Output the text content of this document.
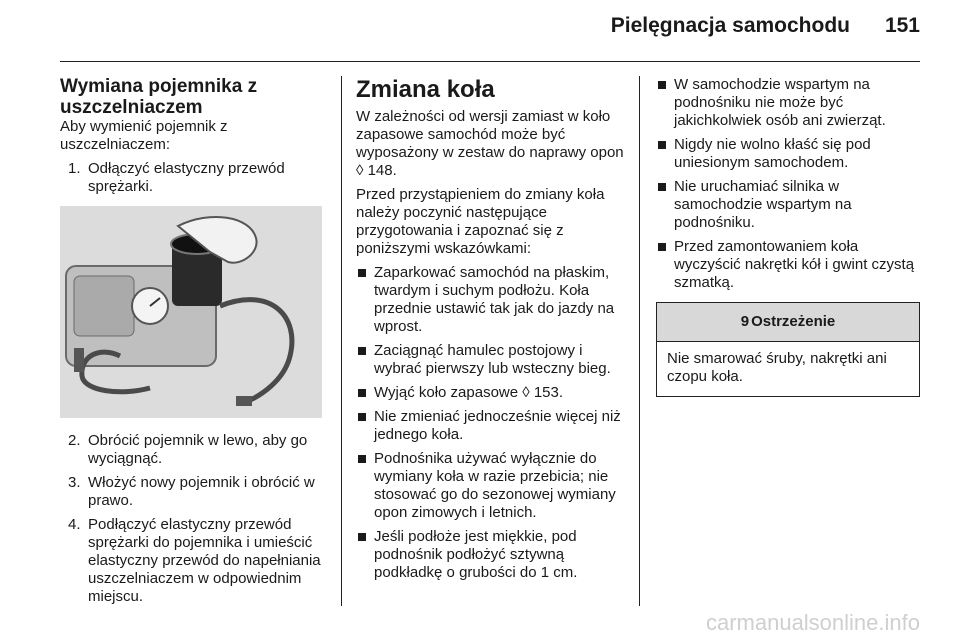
Pielęgnacja samochodu 151
Wymiana pojemnika z
uszczelniaczem

Aby wymienić pojemnik z uszczelniaczem:

1. Odłączyć elastyczny przewód sprężarki.
2. Obrócić pojemnik w lewo, aby go wyciągnąć.
3. Włożyć nowy pojemnik i obrócić w prawo.
4. Podłączyć elastyczny przewód sprężarki do pojemnika i umieścić elastyczny przewód do napełniania uszczelniaczem w odpowiednim miejscu.
Zmiana koła

W zależności od wersji zamiast w koło zapasowe samochód może być wyposażony w zestaw do naprawy opon ◊ 148.

Przed przystąpieniem do zmiany koła należy poczynić następujące przygotowania i zapoznać się z poniższymi wskazówkami:

Zaparkować samochód na płaskim, twardym i suchym podłożu. Koła przednie ustawić tak jak do jazdy na wprost.
Zaciągnąć hamulec postojowy i wybrać pierwszy lub wsteczny bieg.
Wyjąć koło zapasowe ◊ 153.
Nie zmieniać jednocześnie więcej niż jednego koła.
Podnośnika używać wyłącznie do wymiany koła w razie przebicia; nie stosować go do sezonowej wymiany opon zimowych i letnich.
Jeśli podłoże jest miękkie, pod podnośnik podłożyć sztywną podkładkę o grubości do 1 cm.
W samochodzie wspartym na podnośniku nie może być jakichkolwiek osób ani zwierząt.
Nigdy nie wolno kłaść się pod uniesionym samochodem.
Nie uruchamiać silnika w samochodzie wspartym na podnośniku.
Przed zamontowaniem koła wyczyścić nakrętki kół i gwint czystą szmatką.
9 Ostrzeżenie
Nie smarować śruby, nakrętki ani czopu koła.
carmanualsonline.info
